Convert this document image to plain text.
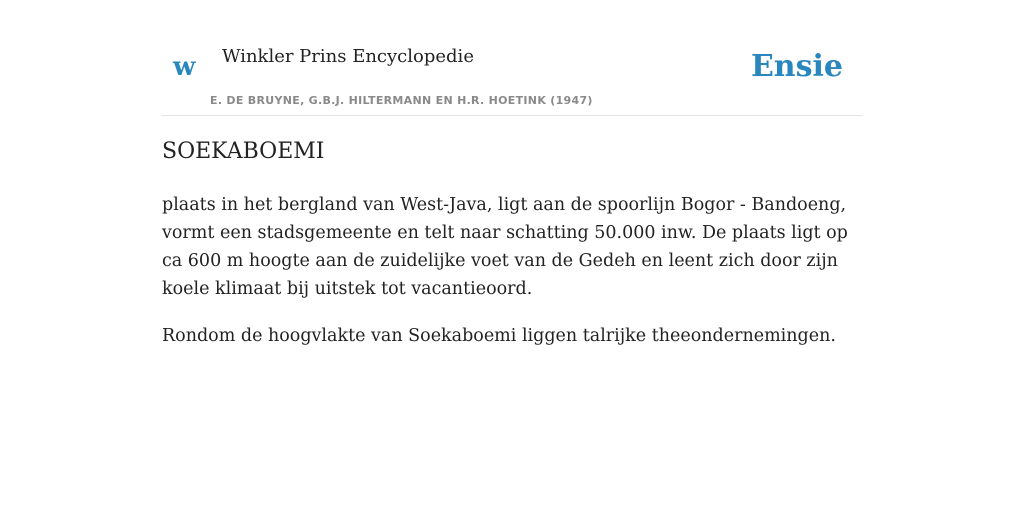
w Winkler Prins Encyclopedie
E. DE BRUYNE, G.B.J. HILTERMANN EN H.R. HOETINK (1947)
Ensie
SOEKABOEMI

plaats in het bergland van West-Java, ligt aan de spoorlijn Bogor - Bandoeng, vormt een stadsgemeente en telt naar schatting 50.000 inw. De plaats ligt op ca 600 m hoogte aan de zuidelijke voet van de Gedeh en leent zich door zijn koele klimaat bij uitstek tot vacantieoord.

Rondom de hoogvlakte van Soekaboemi liggen talrijke theeondernemingen.
